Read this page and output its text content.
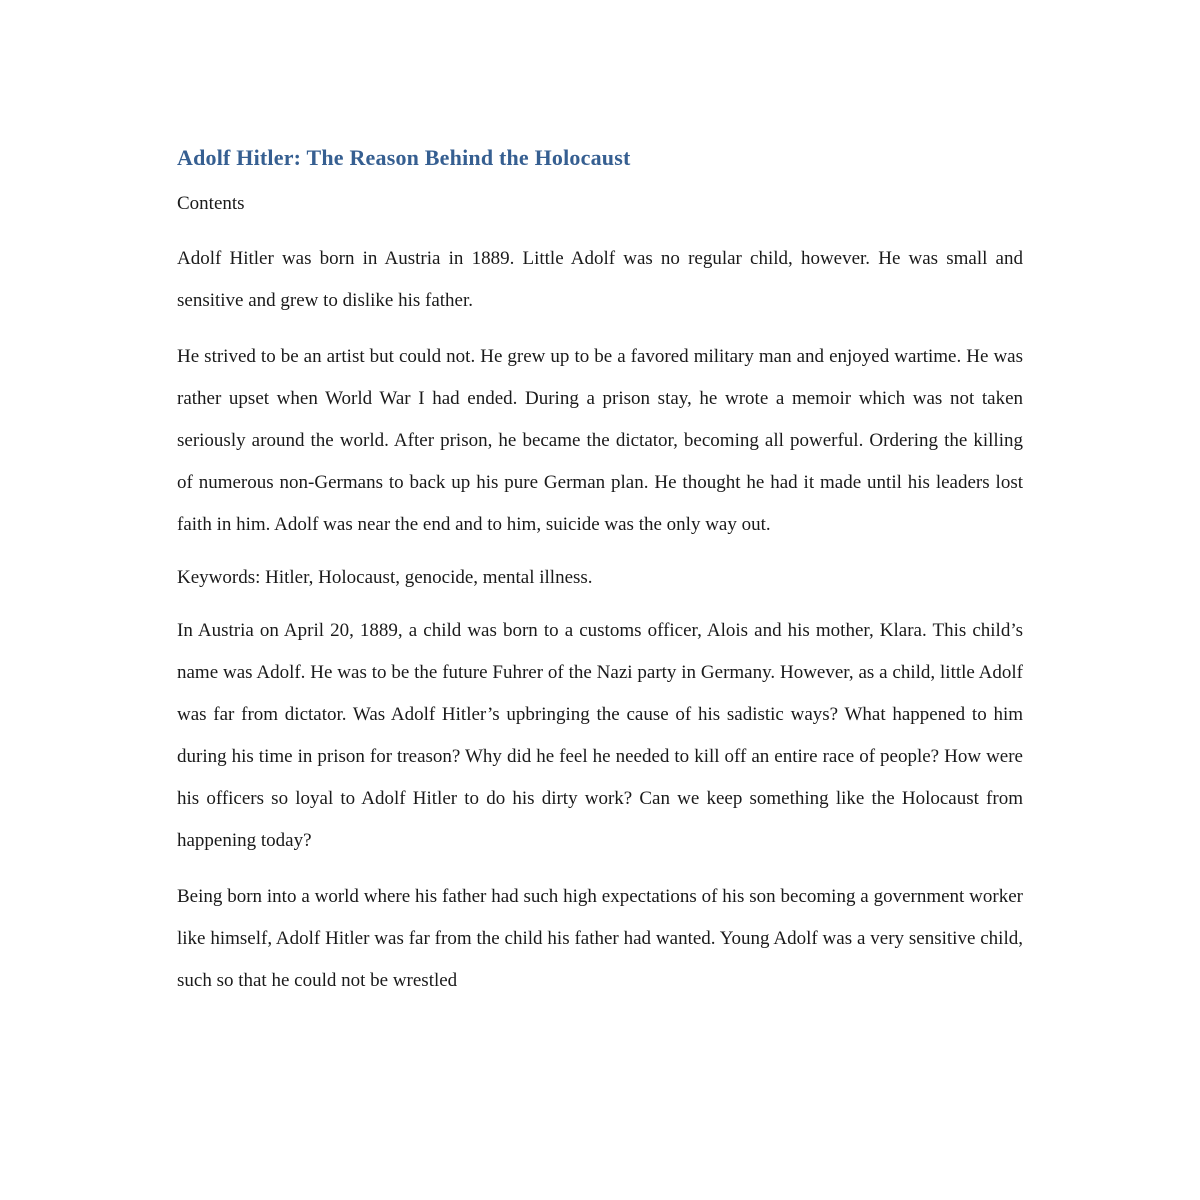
Adolf Hitler: The Reason Behind the Holocaust

Contents

Adolf Hitler was born in Austria in 1889. Little Adolf was no regular child, however. He was small and sensitive and grew to dislike his father.

He strived to be an artist but could not. He grew up to be a favored military man and enjoyed wartime. He was rather upset when World War I had ended. During a prison stay, he wrote a memoir which was not taken seriously around the world. After prison, he became the dictator, becoming all powerful. Ordering the killing of numerous non-Germans to back up his pure German plan. He thought he had it made until his leaders lost faith in him. Adolf was near the end and to him, suicide was the only way out.

Keywords: Hitler, Holocaust, genocide, mental illness.

In Austria on April 20, 1889, a child was born to a customs officer, Alois and his mother, Klara. This child’s name was Adolf. He was to be the future Fuhrer of the Nazi party in Germany. However, as a child, little Adolf was far from dictator. Was Adolf Hitler’s upbringing the cause of his sadistic ways? What happened to him during his time in prison for treason? Why did he feel he needed to kill off an entire race of people? How were his officers so loyal to Adolf Hitler to do his dirty work? Can we keep something like the Holocaust from happening today?

Being born into a world where his father had such high expectations of his son becoming a government worker like himself, Adolf Hitler was far from the child his father had wanted. Young Adolf was a very sensitive child, such so that he could not be wrestled
